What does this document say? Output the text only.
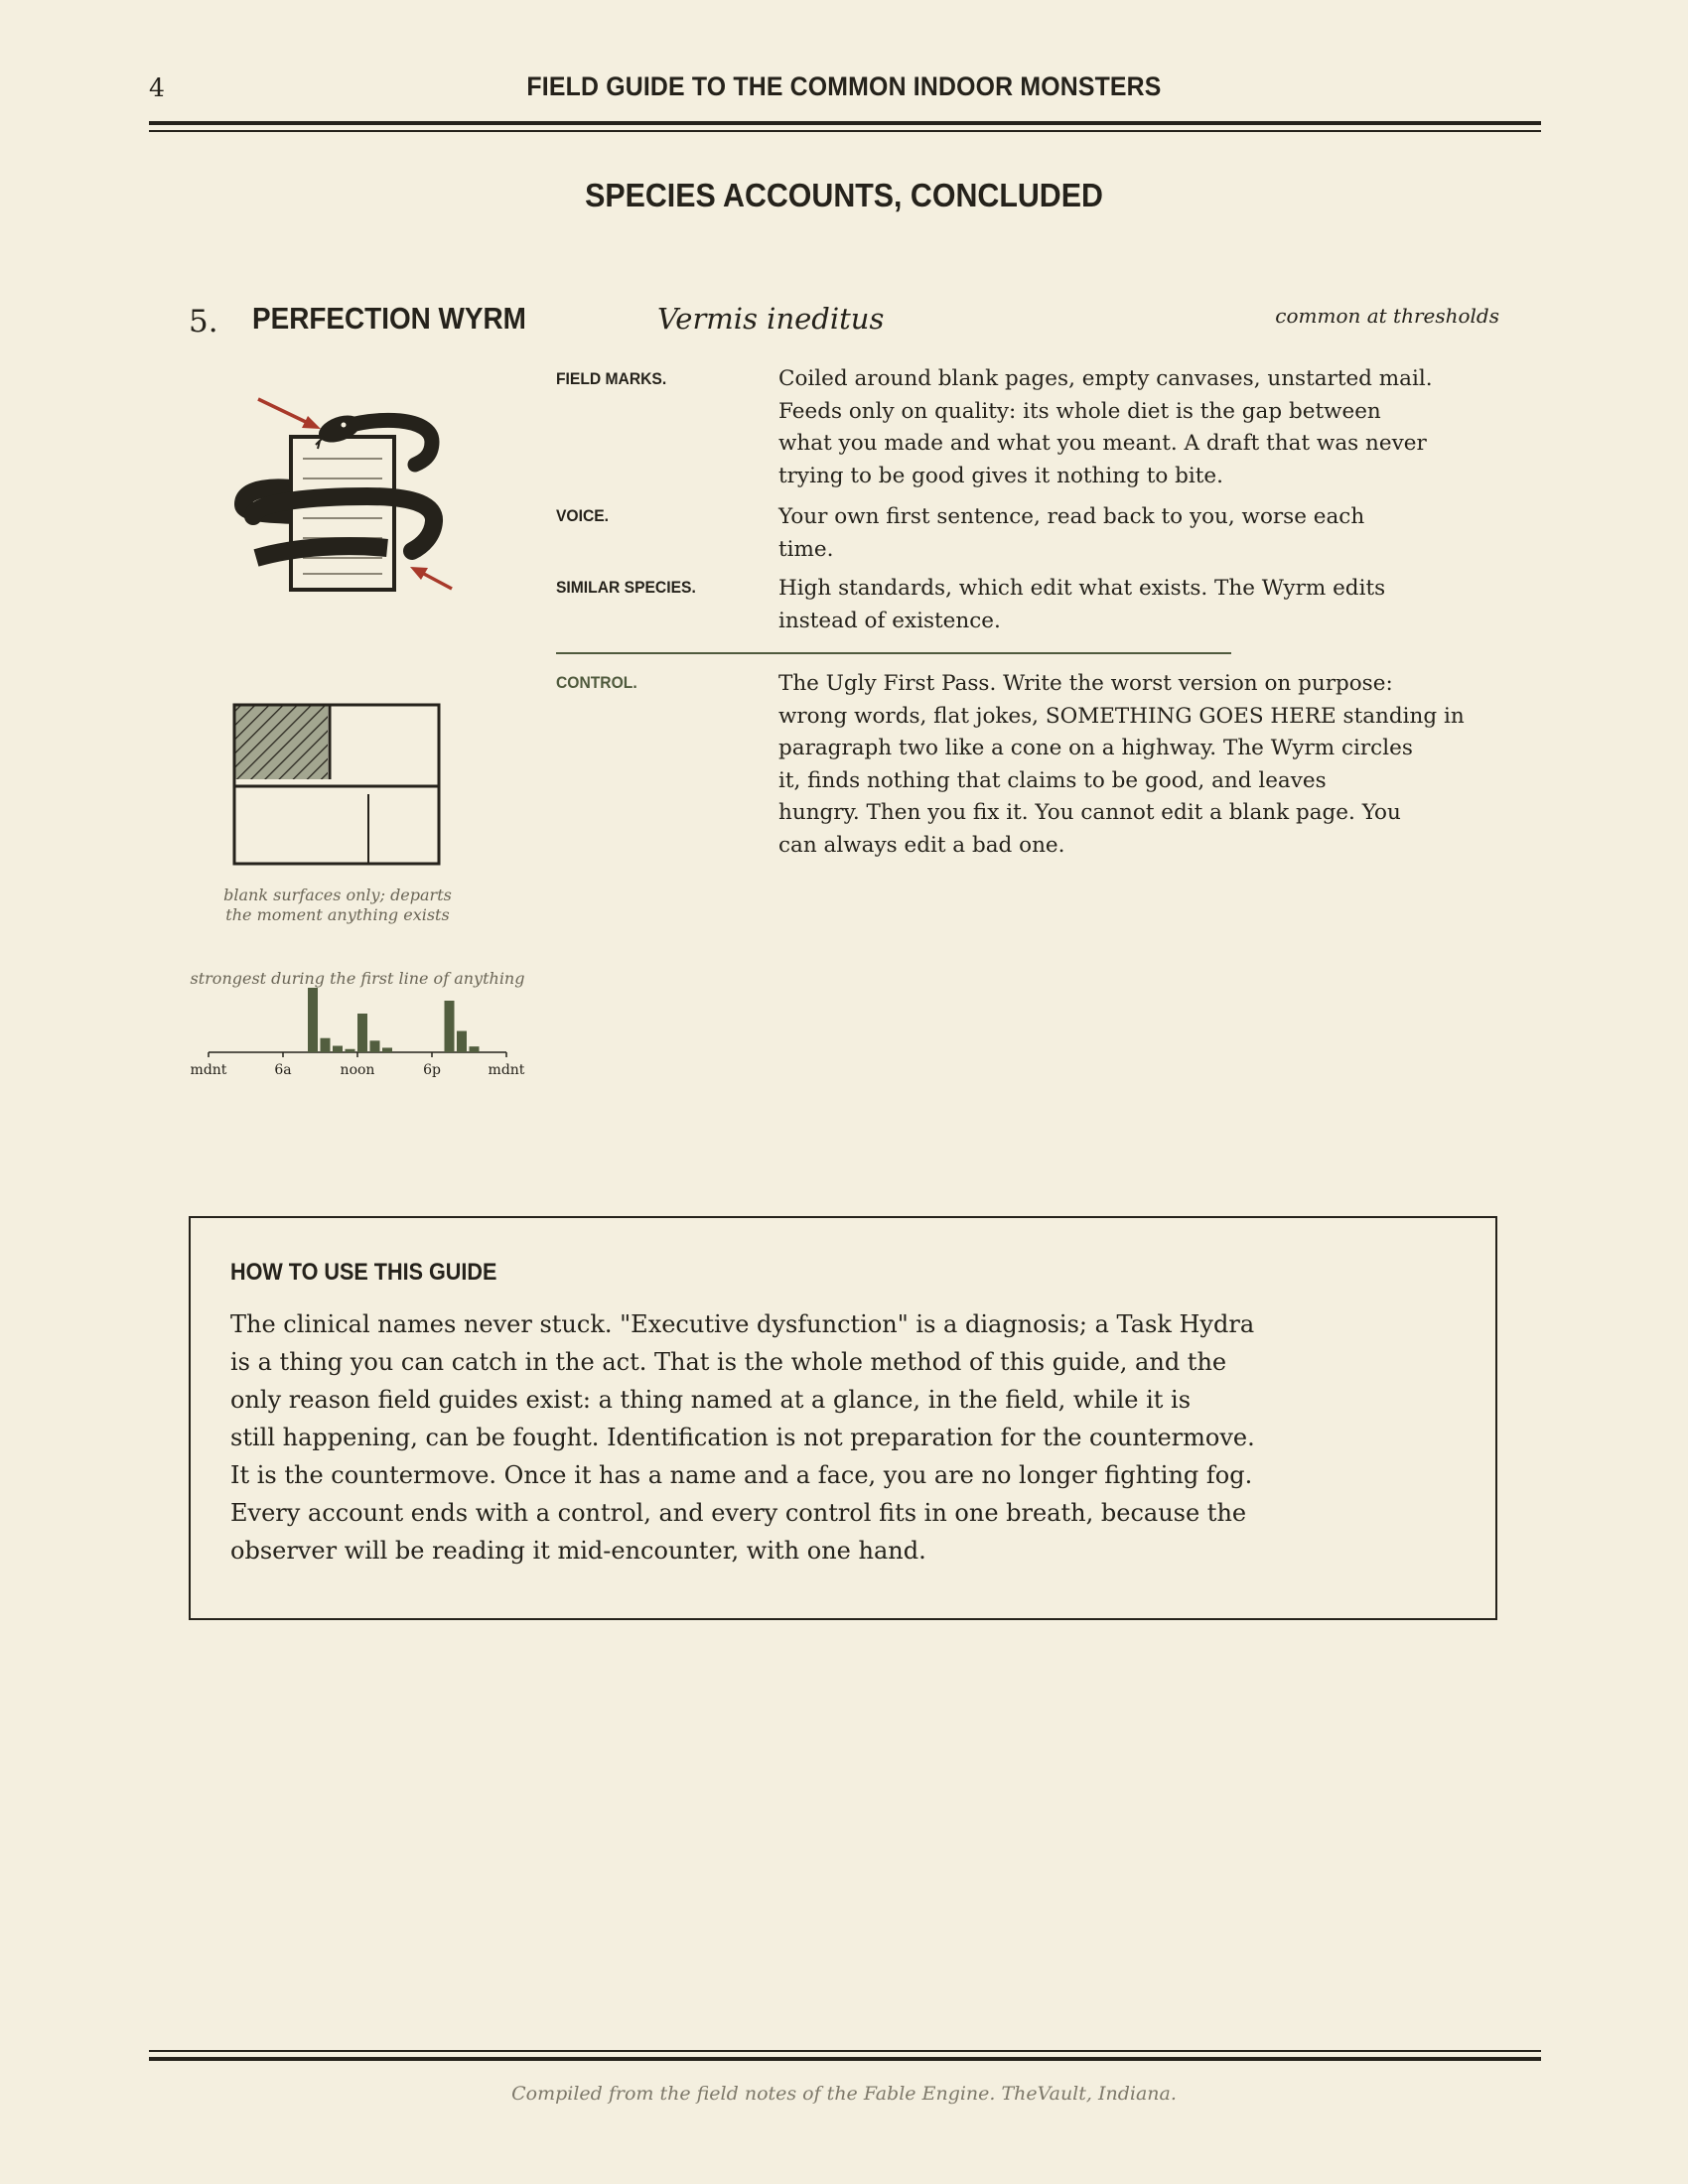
4	FIELD GUIDE TO THE COMMON INDOOR MONSTERS
SPECIES ACCOUNTS, CONCLUDED
5. PERFECTION WYRM	Vermis ineditus	common at thresholds
blank surfaces only; departs
the moment anything exists
strongest during the first line of anything
mdnt	6a	noon	6p	mdnt
FIELD MARKS.	Coiled around blank pages, empty canvases, unstarted mail.
Feeds only on quality: its whole diet is the gap between
what you made and what you meant. A draft that was never
trying to be good gives it nothing to bite.
VOICE.	Your own first sentence, read back to you, worse each
time.
SIMILAR SPECIES.	High standards, which edit what exists. The Wyrm edits
instead of existence.
CONTROL.	The Ugly First Pass. Write the worst version on purpose:
wrong words, flat jokes, SOMETHING GOES HERE standing in
paragraph two like a cone on a highway. The Wyrm circles
it, finds nothing that claims to be good, and leaves
hungry. Then you fix it. You cannot edit a blank page. You
can always edit a bad one.
HOW TO USE THIS GUIDE
The clinical names never stuck. "Executive dysfunction" is a diagnosis; a Task Hydra
is a thing you can catch in the act. That is the whole method of this guide, and the
only reason field guides exist: a thing named at a glance, in the field, while it is
still happening, can be fought. Identification is not preparation for the countermove.
It is the countermove. Once it has a name and a face, you are no longer fighting fog.
Every account ends with a control, and every control fits in one breath, because the
observer will be reading it mid-encounter, with one hand.
Compiled from the field notes of the Fable Engine. TheVault, Indiana.
